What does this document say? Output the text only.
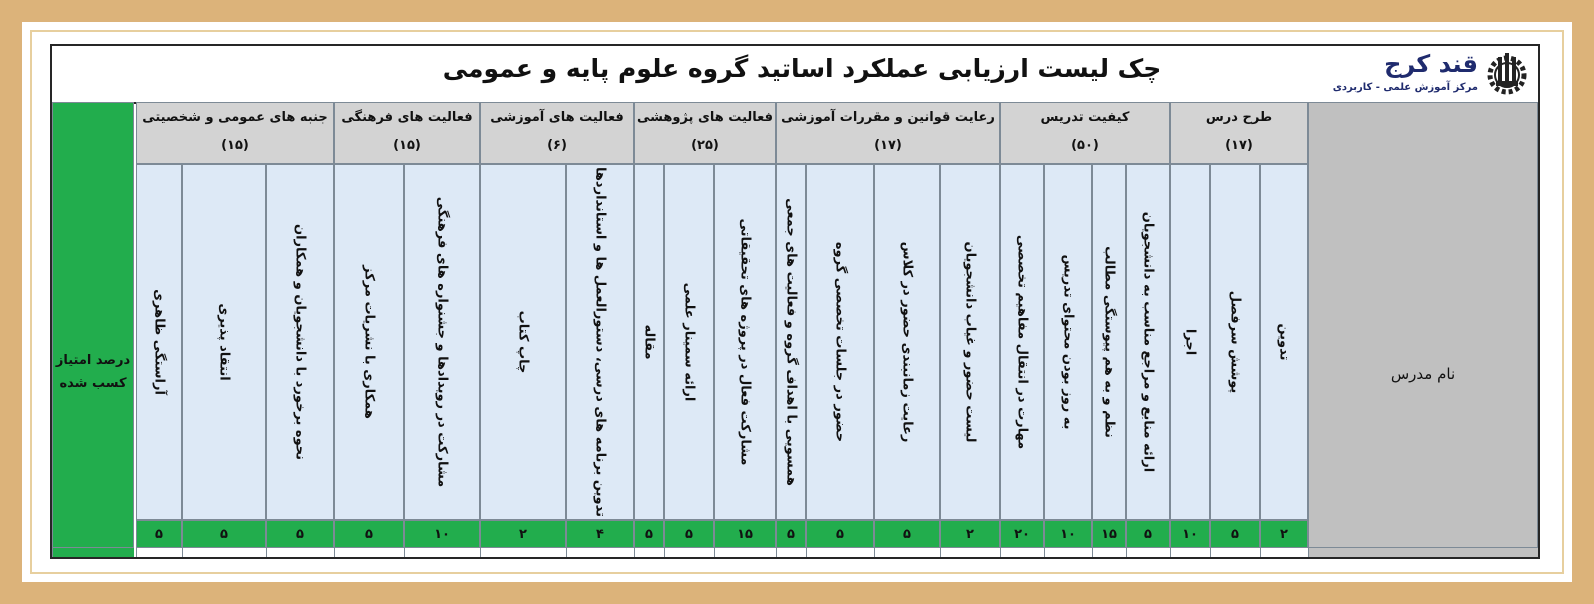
چک لیست ارزیابی عملکرد اساتید گروه علوم پایه و عمومی	قند کرج
مرکز آموزش علمی - کاربردی
نام مدرس
درصد امتیاز
کسب شده
طرح درس
(۱۷)
تدوین
۲
پوشش سرفصل
۵
اجرا
۱۰
کیفیت تدریس
(۵۰)
ارائه منابع و مراجع مناسب به دانشجویان
۵
نظم و به هم پیوستگی مطالب
۱۵
به روز بودن محتوای تدریس
۱۰
مهارت در انتقال مفاهیم تخصصی
۲۰
رعایت قوانین و مقررات آموزشی
(۱۷)
لیست حضور و غیاب دانشجویان
۲
رعایت زمانبندی حضور در کلاس
۵
حضور در جلسات تخصصی گروه
۵
همسویی با اهداف گروه و فعالیت های جمعی
۵
فعالیت های پژوهشی
(۲۵)
مشارکت فعال در پروژه های تحقیقاتی
۱۵
ارائه سمینار علمی
۵
مقاله
۵
فعالیت های آموزشی
(۶)
تدوین برنامه های درسی، دستورالعمل ها و استانداردها
۴
چاپ کتاب
۲
فعالیت های فرهنگی
(۱۵)
مشارکت در رویدادها و جشنواره های فرهنگی
۱۰
همکاری با نشریات مرکز
۵
جنبه های عمومی و شخصیتی
(۱۵)
نحوه برخورد با دانشجویان و همکاران
۵
انتقاد پذیری
۵
آراستگی ظاهری
۵
